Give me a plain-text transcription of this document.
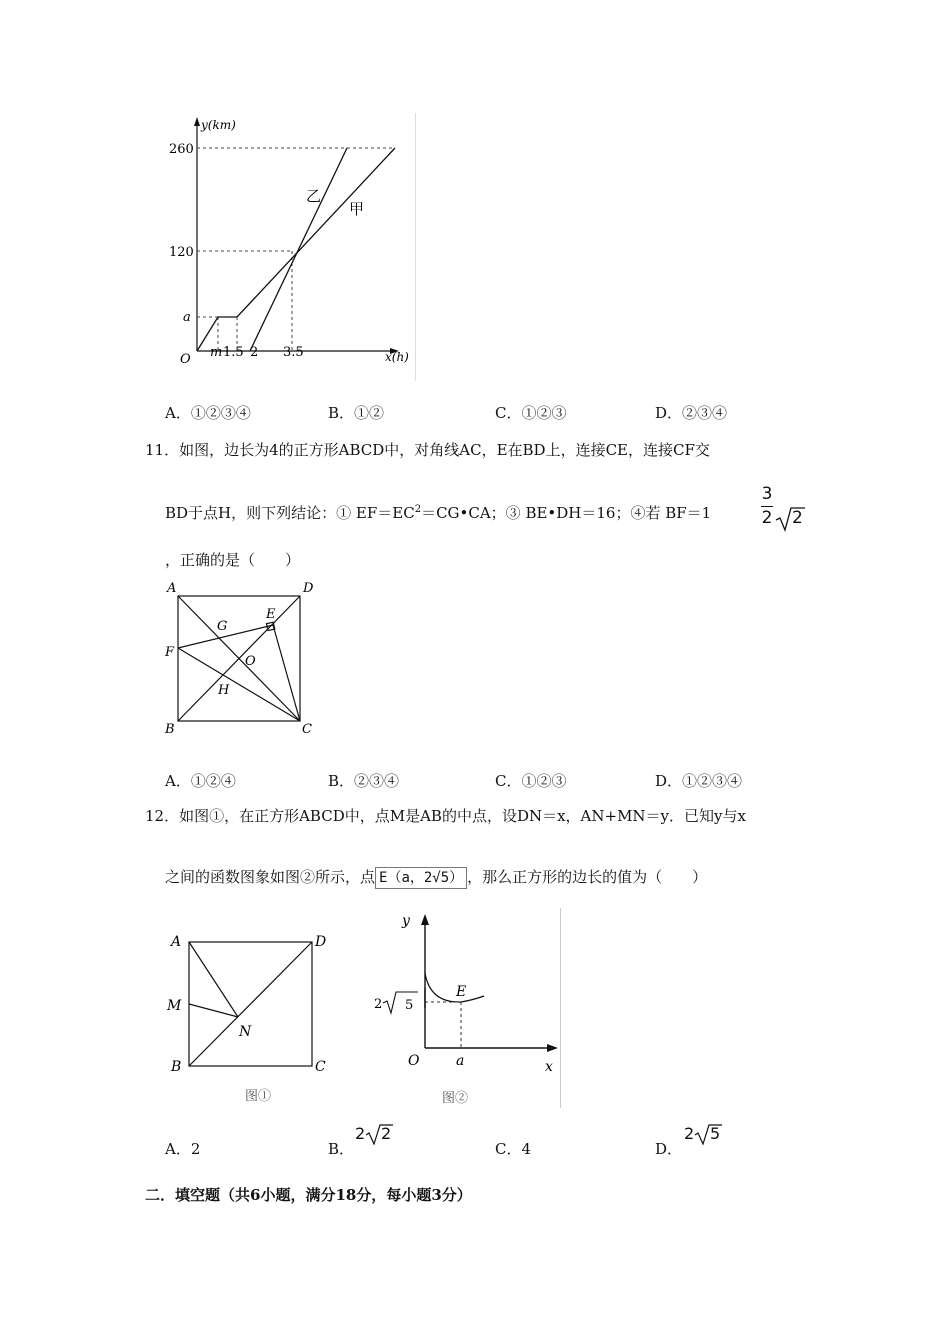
y(km)
x(h)
O
260
120
a
m 1.5 2 3.5
乙
甲
A．①②③④	B．①②	C．①②③	D．②③④
11．如图，边长为4的正方形ABCD中，对角线AC，E在BD上，连接CE，连接CF交
BD于点H，则下列结论：① $EF=EC^2=CG•CA$；③ BE•DH＝16；④若 BF＝1
3
2 2
，正确的是（　　）
A	D
G
E
F
O
H
B	C
A．①②④	B．②③④	C．①②③	D．①②③④
12．如图①，在正方形ABCD中，点M是AB的中点，设DN＝x，AN+MN＝y．已知y与x
之间的函数图象如图②所示，点 E（a，2√5） ，那么正方形的边长的值为（　　）
A	D
M
N
B	C
图①
y
2 5
E
O	a	x
图②
A．2	B．
2 2
C．4	D．
2 5
二．填空题（共6小题，满分18分，每小题3分）
